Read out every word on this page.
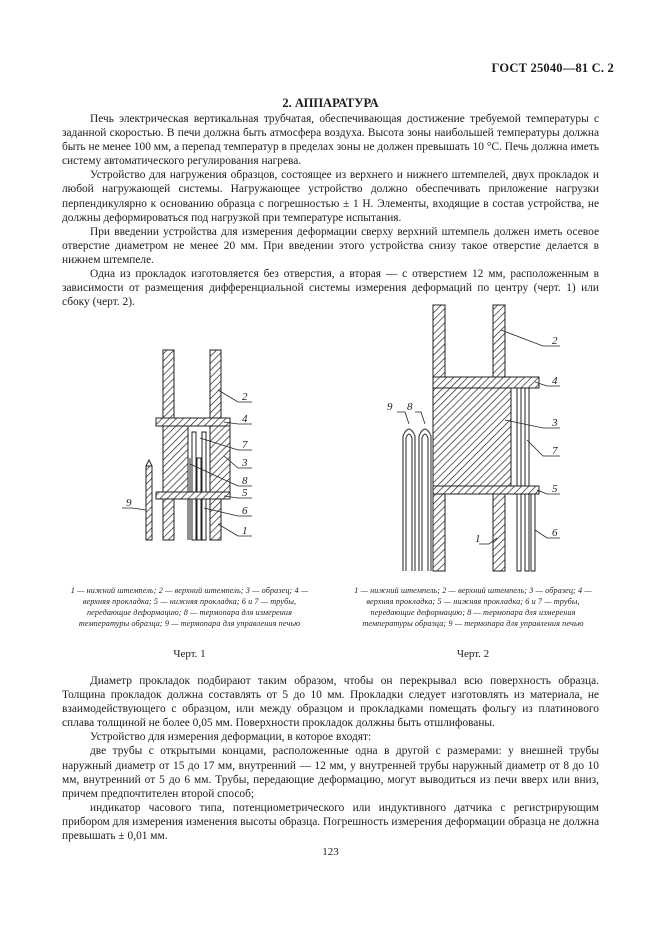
ГОСТ 25040—81 С. 2
2. АППАРАТУРА

Печь электрическая вертикальная трубчатая, обеспечивающая достижение требуемой температуры с заданной скоростью. В печи должна быть атмосфера воздуха. Высота зоны наибольшей температуры должна быть не менее 100 мм, а перепад температур в пределах зоны не должен превышать 10 °С. Печь должна иметь систему автоматического регулирования нагрева.

Устройство для нагружения образцов, состоящее из верхнего и нижнего штемпелей, двух прокладок и любой нагружающей системы. Нагружающее устройство должно обеспечивать приложение нагрузки перпендикулярно к основанию образца с погрешностью ± 1 Н. Элементы, входящие в состав устройства, не должны деформироваться под нагрузкой при температуре испытания.

При введении устройства для измерения деформации сверху верхний штемпель должен иметь осевое отверстие диаметром не менее 20 мм. При введении этого устройства снизу такое отверстие делается в нижнем штемпеле.

Одна из прокладок изготовляется без отверстия, а вторая — с отверстием 12 мм, расположенным в зависимости от размещения дифференциальной системы измерения деформаций по центру (черт. 1) или сбоку (черт. 2).

2
4
7
3
8
5
6
1
9
1 — нижний штемпель; 2 — верхний штемпель; 3 — образец; 4 — верхняя прокладка; 5 — нижняя прокладка; 6 и 7 — трубы, передающие деформацию; 8 — термопара для измерения температуры образца; 9 — термопара для управления печью
Черт. 1
2
4
9 8
3
7
5
1	6
1 — нижний штемпель; 2 — верхний штемпель; 3 — образец; 4 — верхняя прокладка; 5 — нижняя прокладка; 6 и 7 — трубы, передающие деформацию; 8 — термопара для измерения температуры образца; 9 — термопара для управления печью
Черт. 2

Диаметр прокладок подбирают таким образом, чтобы он перекрывал всю поверхность образца. Толщина прокладок должна составлять от 5 до 10 мм. Прокладки следует изготовлять из материала, не взаимодействующего с образцом, или между образцом и прокладками помещать фольгу из платинового сплава толщиной не более 0,05 мм. Поверхности прокладок должны быть отшлифованы.

Устройство для измерения деформации, в которое входят:

две трубы с открытыми концами, расположенные одна в другой с размерами: у внешней трубы наружный диаметр от 15 до 17 мм, внутренний — 12 мм, у внутренней трубы наружный диаметр от 8 до 10 мм, внутренний от 5 до 6 мм. Трубы, передающие деформацию, могут выводиться из печи вверх или вниз, причем предпочтителен второй способ;

индикатор часового типа, потенциометрического или индуктивного датчика с регистрирующим прибором для измерения изменения высоты образца. Погрешность измерения деформации образца не должна превышать ± 0,01 мм.

123
